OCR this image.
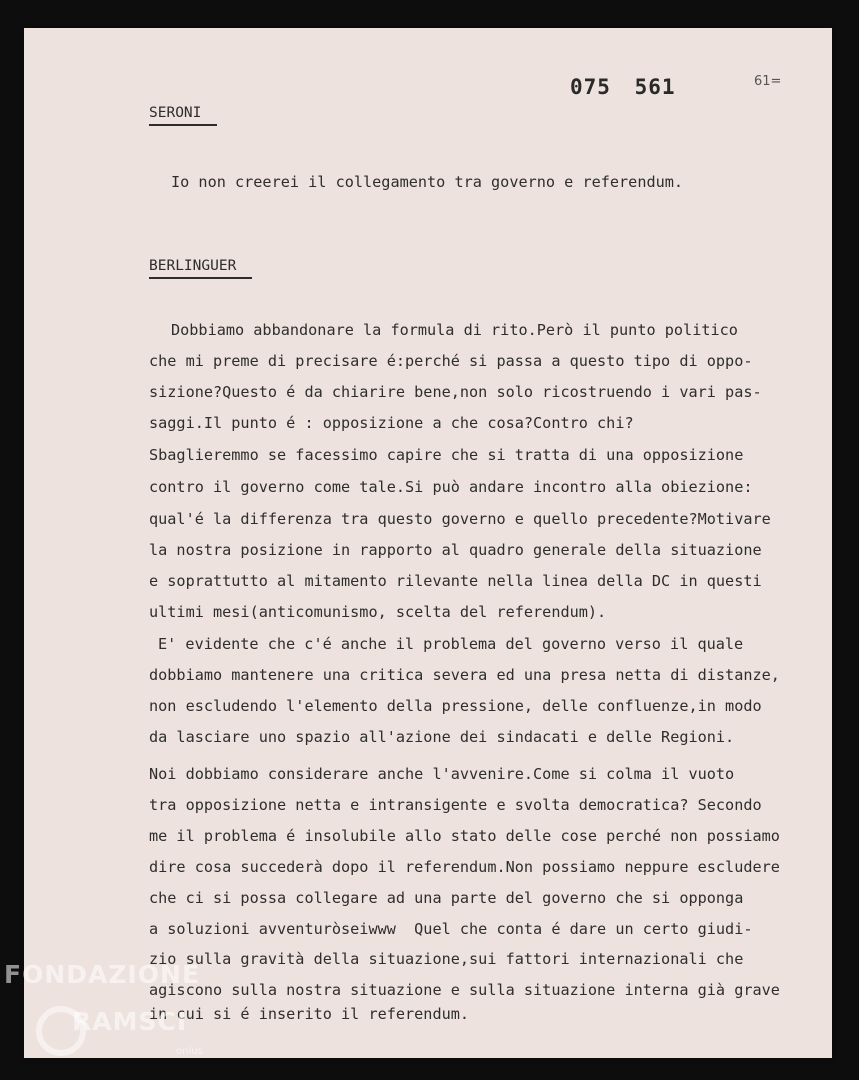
075 561	61=
SERONI
Io non creerei il collegamento tra governo e referendum.
BERLINGUER
Dobbiamo abbandonare la formula di rito.Però il punto politico
che mi preme di precisare é:perché si passa a questo tipo di oppo-
sizione?Questo é da chiarire bene,non solo ricostruendo i vari pas-
saggi.Il punto é : opposizione a che cosa?Contro chi?
Sbaglieremmo se facessimo capire che si tratta di una opposizione
contro il governo come tale.Si può andare incontro alla obiezione:
qual'é la differenza tra questo governo e quello precedente?Motivare
la nostra posizione in rapporto al quadro generale della situazione
e soprattutto al mitamento rilevante nella linea della DC in questi
ultimi mesi(anticomunismo, scelta del referendum).
E' evidente che c'é anche il problema del governo verso il quale
dobbiamo mantenere una critica severa ed una presa netta di distanze,
non escludendo l'elemento della pressione, delle confluenze,in modo
da lasciare uno spazio all'azione dei sindacati e delle Regioni.
Noi dobbiamo considerare anche l'avvenire.Come si colma il vuoto
tra opposizione netta e intransigente e svolta democratica? Secondo
me il problema é insolubile allo stato delle cose perché non possiamo
dire cosa succederà dopo il referendum.Non possiamo neppure escludere
che ci si possa collegare ad una parte del governo che si opponga
a soluzioni avventuròseiwww  Quel che conta é dare un certo giudi-
zio sulla gravità della situazione,sui fattori internazionali che
agiscono sulla nostra situazione e sulla situazione interna già grave
in cui si é inserito il referendum.
FONDAZIONE
RAMSCI
onlus
